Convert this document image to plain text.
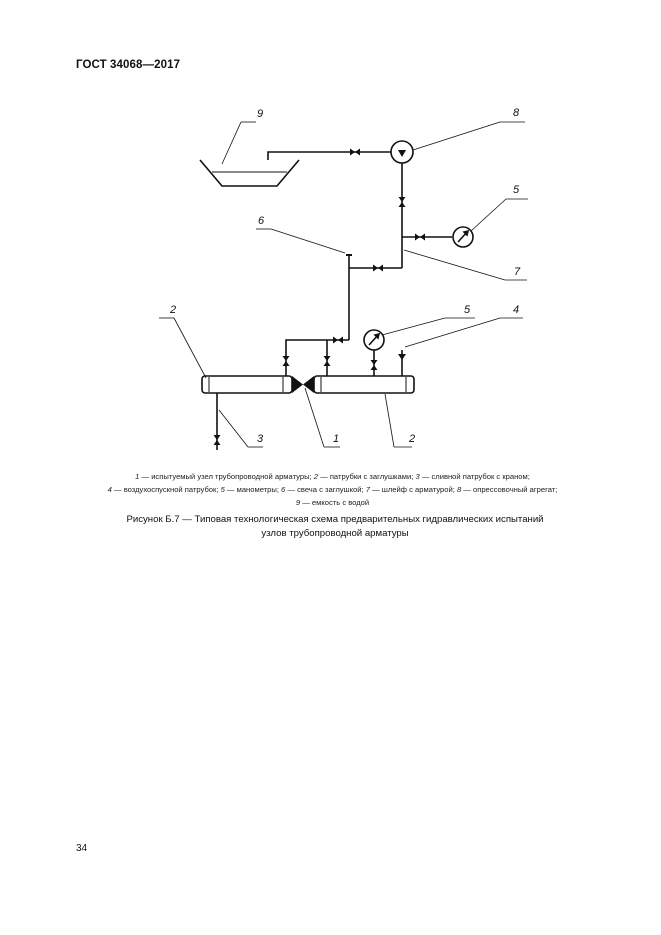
ГОСТ 34068—2017
9	8
5
6
7
2	5	4
3	1	2
1 — испытуемый узел трубопроводной арматуры; 2 — патрубки с заглушками; 3 — сливной патрубок с краном;
4 — воздухоспускной патрубок; 5 — манометры; 6 — свеча с заглушкой; 7 — шлейф с арматурой; 8 — опрессовочный агрегат;
9 — емкость с водой
Рисунок Б.7 — Типовая технологическая схема предварительных гидравлических испытаний
узлов трубопроводной арматуры
34
